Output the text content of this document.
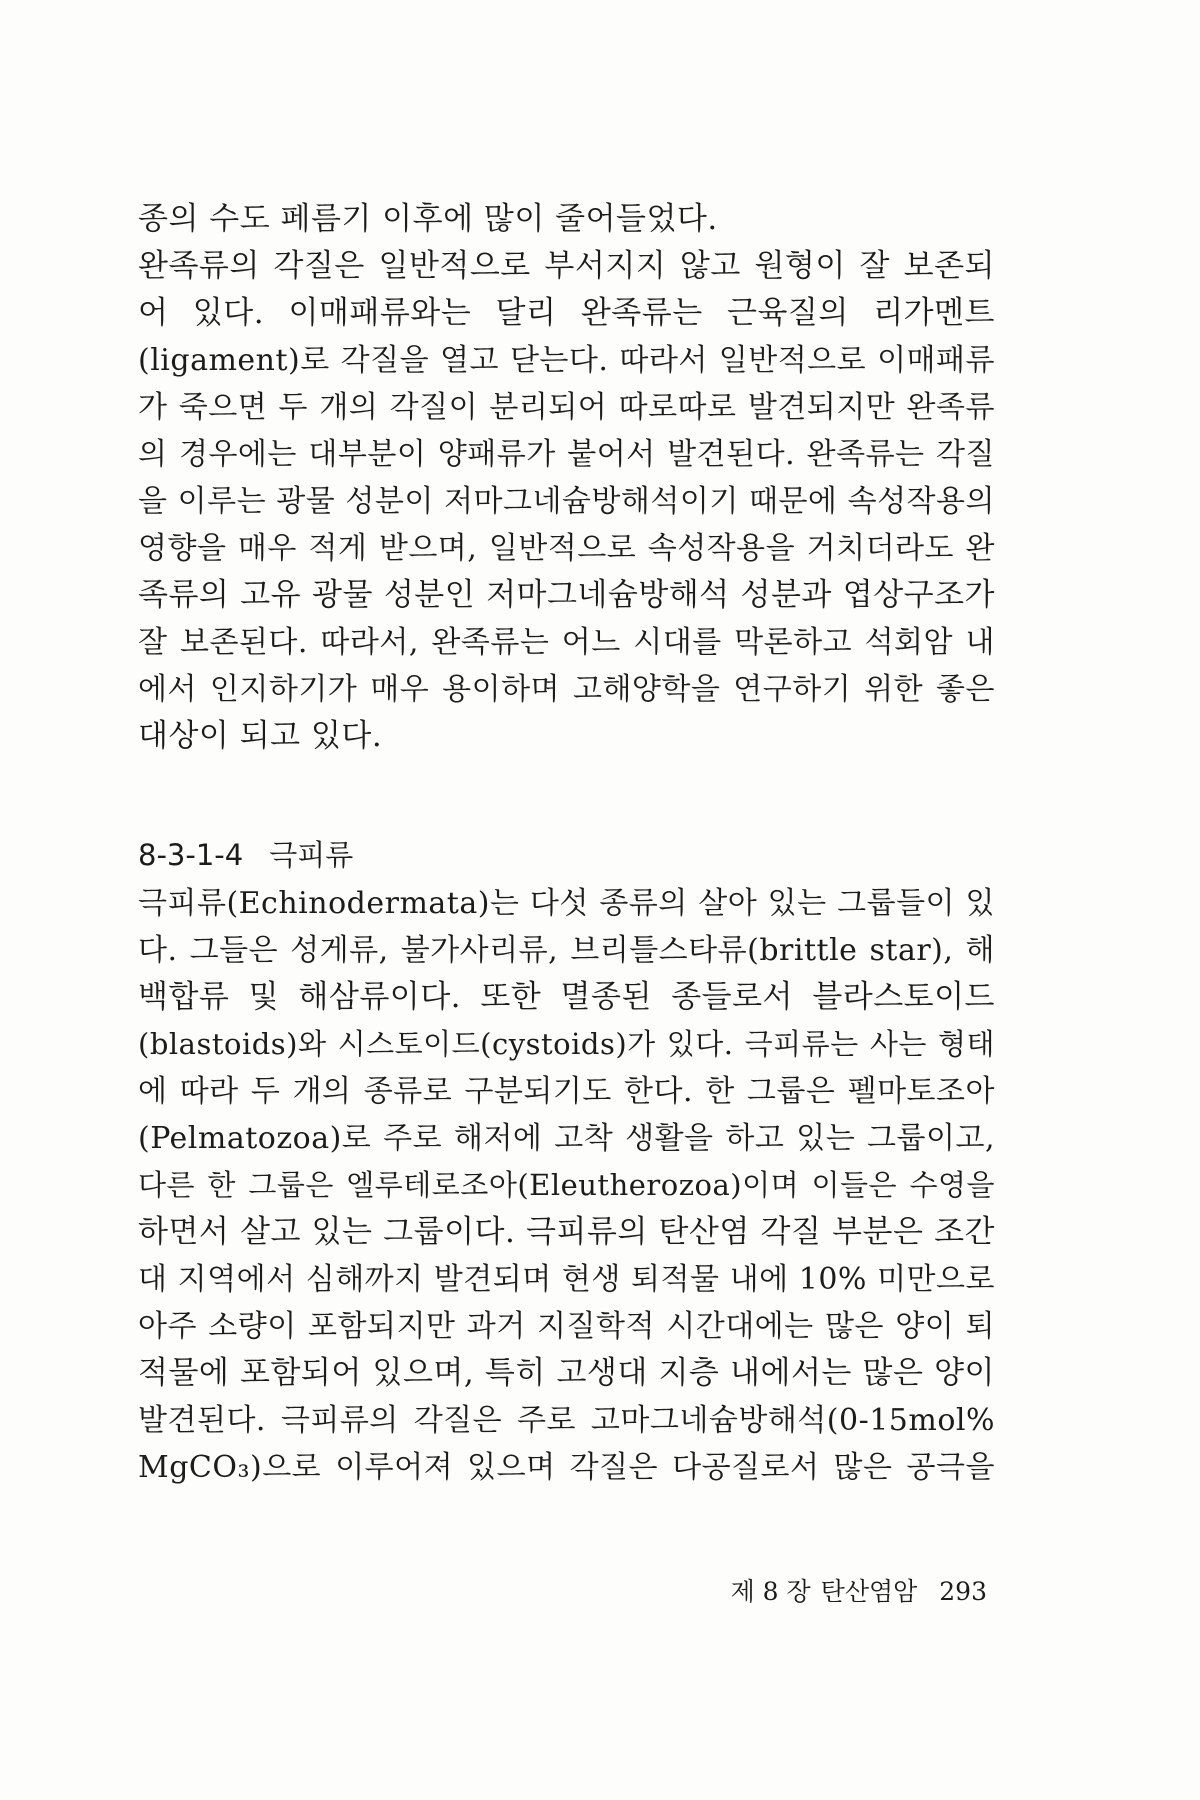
종의 수도 페름기 이후에 많이 줄어들었다.
완족류의 각질은 일반적으로 부서지지 않고 원형이 잘 보존되
어 있다. 이매패류와는 달리 완족류는 근육질의 리가멘트
(ligament)로 각질을 열고 닫는다. 따라서 일반적으로 이매패류
가 죽으면 두 개의 각질이 분리되어 따로따로 발견되지만 완족류
의 경우에는 대부분이 양패류가 붙어서 발견된다. 완족류는 각질
을 이루는 광물 성분이 저마그네슘방해석이기 때문에 속성작용의
영향을 매우 적게 받으며, 일반적으로 속성작용을 거치더라도 완
족류의 고유 광물 성분인 저마그네슘방해석 성분과 엽상구조가
잘 보존된다. 따라서, 완족류는 어느 시대를 막론하고 석회암 내
에서 인지하기가 매우 용이하며 고해양학을 연구하기 위한 좋은
대상이 되고 있다.
8-3-1-4 극피류
극피류(Echinodermata)는 다섯 종류의 살아 있는 그룹들이 있
다. 그들은 성게류, 불가사리류, 브리틀스타류(brittle star), 해
백합류 및 해삼류이다. 또한 멸종된 종들로서 블라스토이드
(blastoids)와 시스토이드(cystoids)가 있다. 극피류는 사는 형태
에 따라 두 개의 종류로 구분되기도 한다. 한 그룹은 펠마토조아
(Pelmatozoa)로 주로 해저에 고착 생활을 하고 있는 그룹이고,
다른 한 그룹은 엘루테로조아(Eleutherozoa)이며 이들은 수영을
하면서 살고 있는 그룹이다. 극피류의 탄산염 각질 부분은 조간
대 지역에서 심해까지 발견되며 현생 퇴적물 내에 10% 미만으로
아주 소량이 포함되지만 과거 지질학적 시간대에는 많은 양이 퇴
적물에 포함되어 있으며, 특히 고생대 지층 내에서는 많은 양이
발견된다. 극피류의 각질은 주로 고마그네슘방해석(0-15mol%
MgCO₃)으로 이루어져 있으며 각질은 다공질로서 많은 공극을
제 8 장 탄산염암 293
